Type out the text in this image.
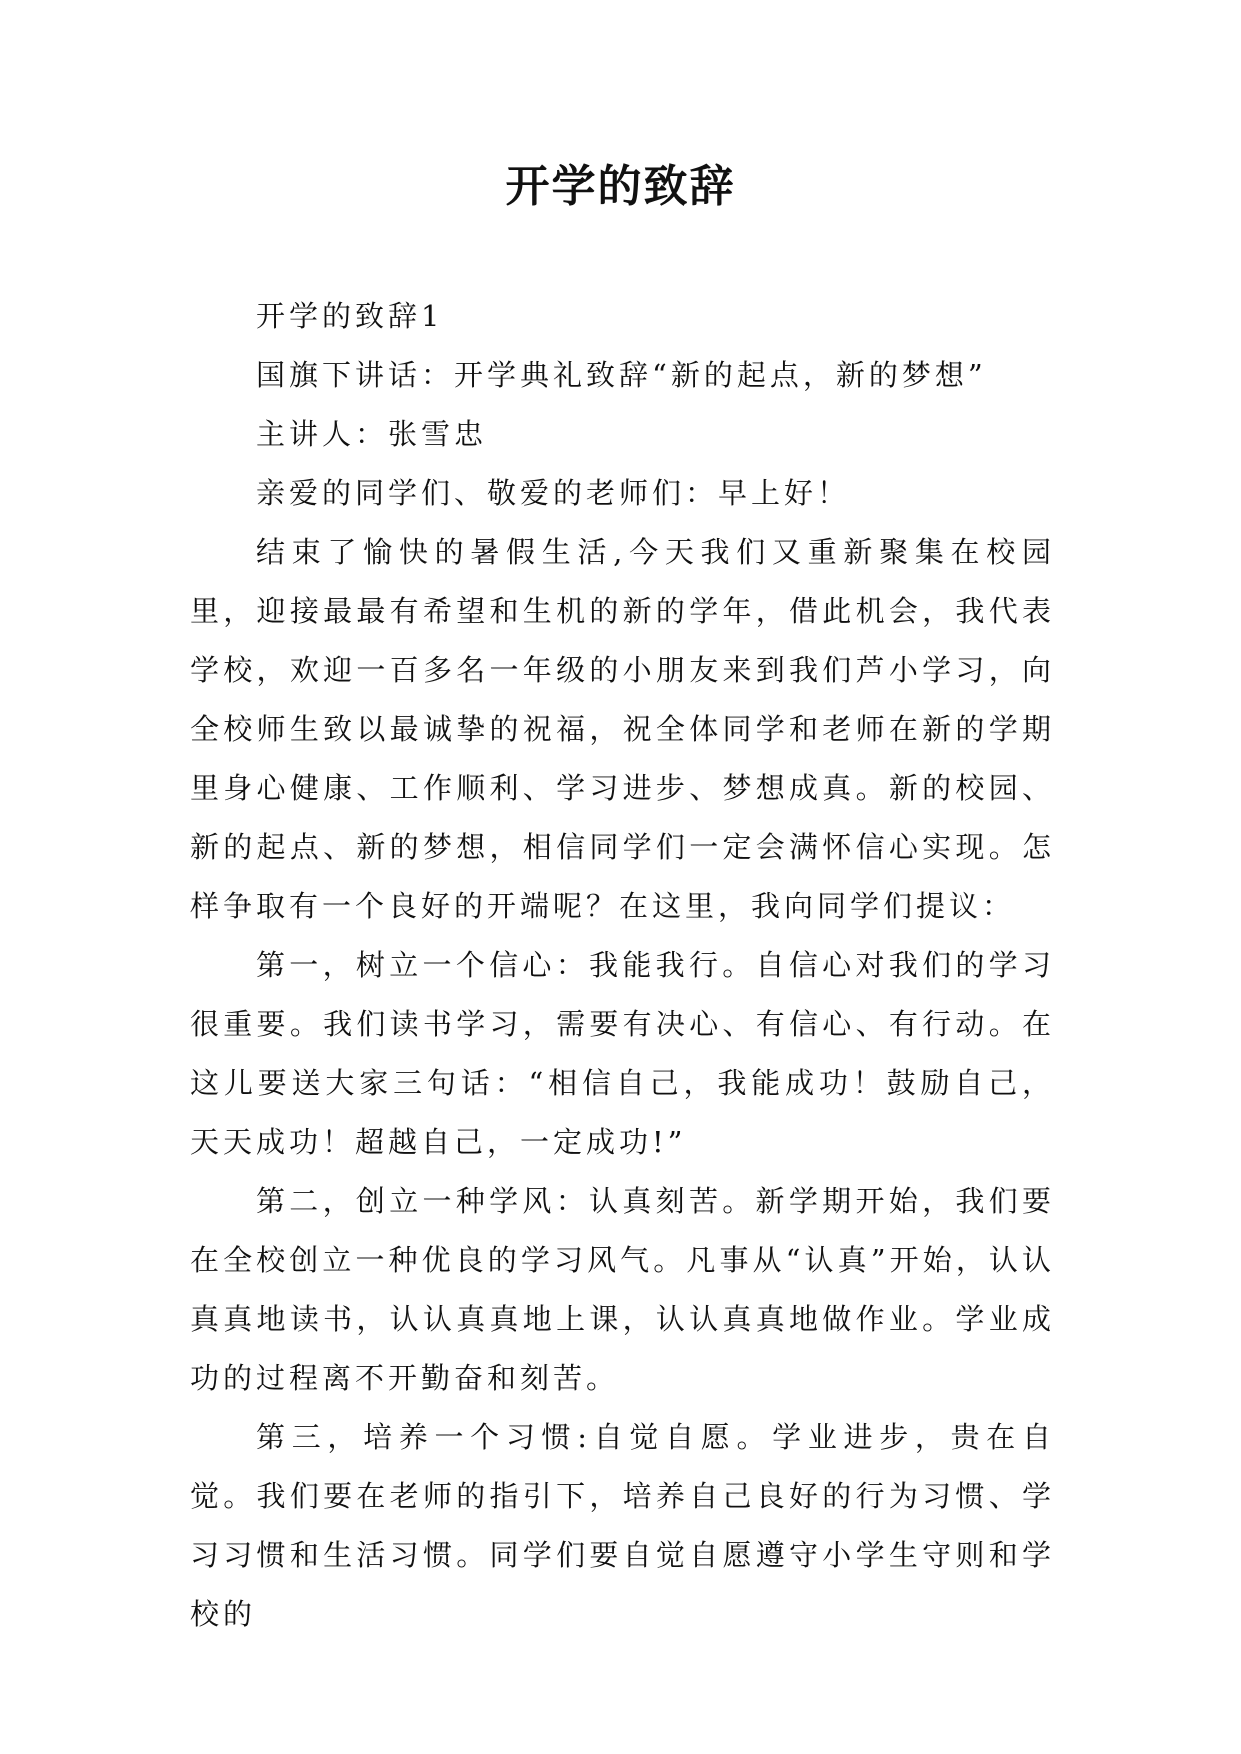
开学的致辞

开学的致辞1

国旗下讲话：开学典礼致辞“新的起点，新的梦想”

主讲人：张雪忠

亲爱的同学们、敬爱的老师们：早上好！

结束了愉快的暑假生活,今天我们又重新聚集在校园里，迎接最最有希望和生机的新的学年，借此机会，我代表学校，欢迎一百多名一年级的小朋友来到我们芦小学习，向全校师生致以最诚挚的祝福，祝全体同学和老师在新的学期里身心健康、工作顺利、学习进步、梦想成真。新的校园、新的起点、新的梦想，相信同学们一定会满怀信心实现。怎样争取有一个良好的开端呢？在这里，我向同学们提议：

第一，树立一个信心：我能我行。自信心对我们的学习很重要。我们读书学习，需要有决心、有信心、有行动。在这儿要送大家三句话：“相信自己，我能成功！鼓励自己，天天成功！超越自己，一定成功!”

第二，创立一种学风：认真刻苦。新学期开始，我们要在全校创立一种优良的学习风气。凡事从“认真”开始，认认真真地读书，认认真真地上课，认认真真地做作业。学业成功的过程离不开勤奋和刻苦。

第三，培养一个习惯:自觉自愿。学业进步，贵在自觉。我们要在老师的指引下，培养自己良好的行为习惯、学习习惯和生活习惯。同学们要自觉自愿遵守小学生守则和学校的
